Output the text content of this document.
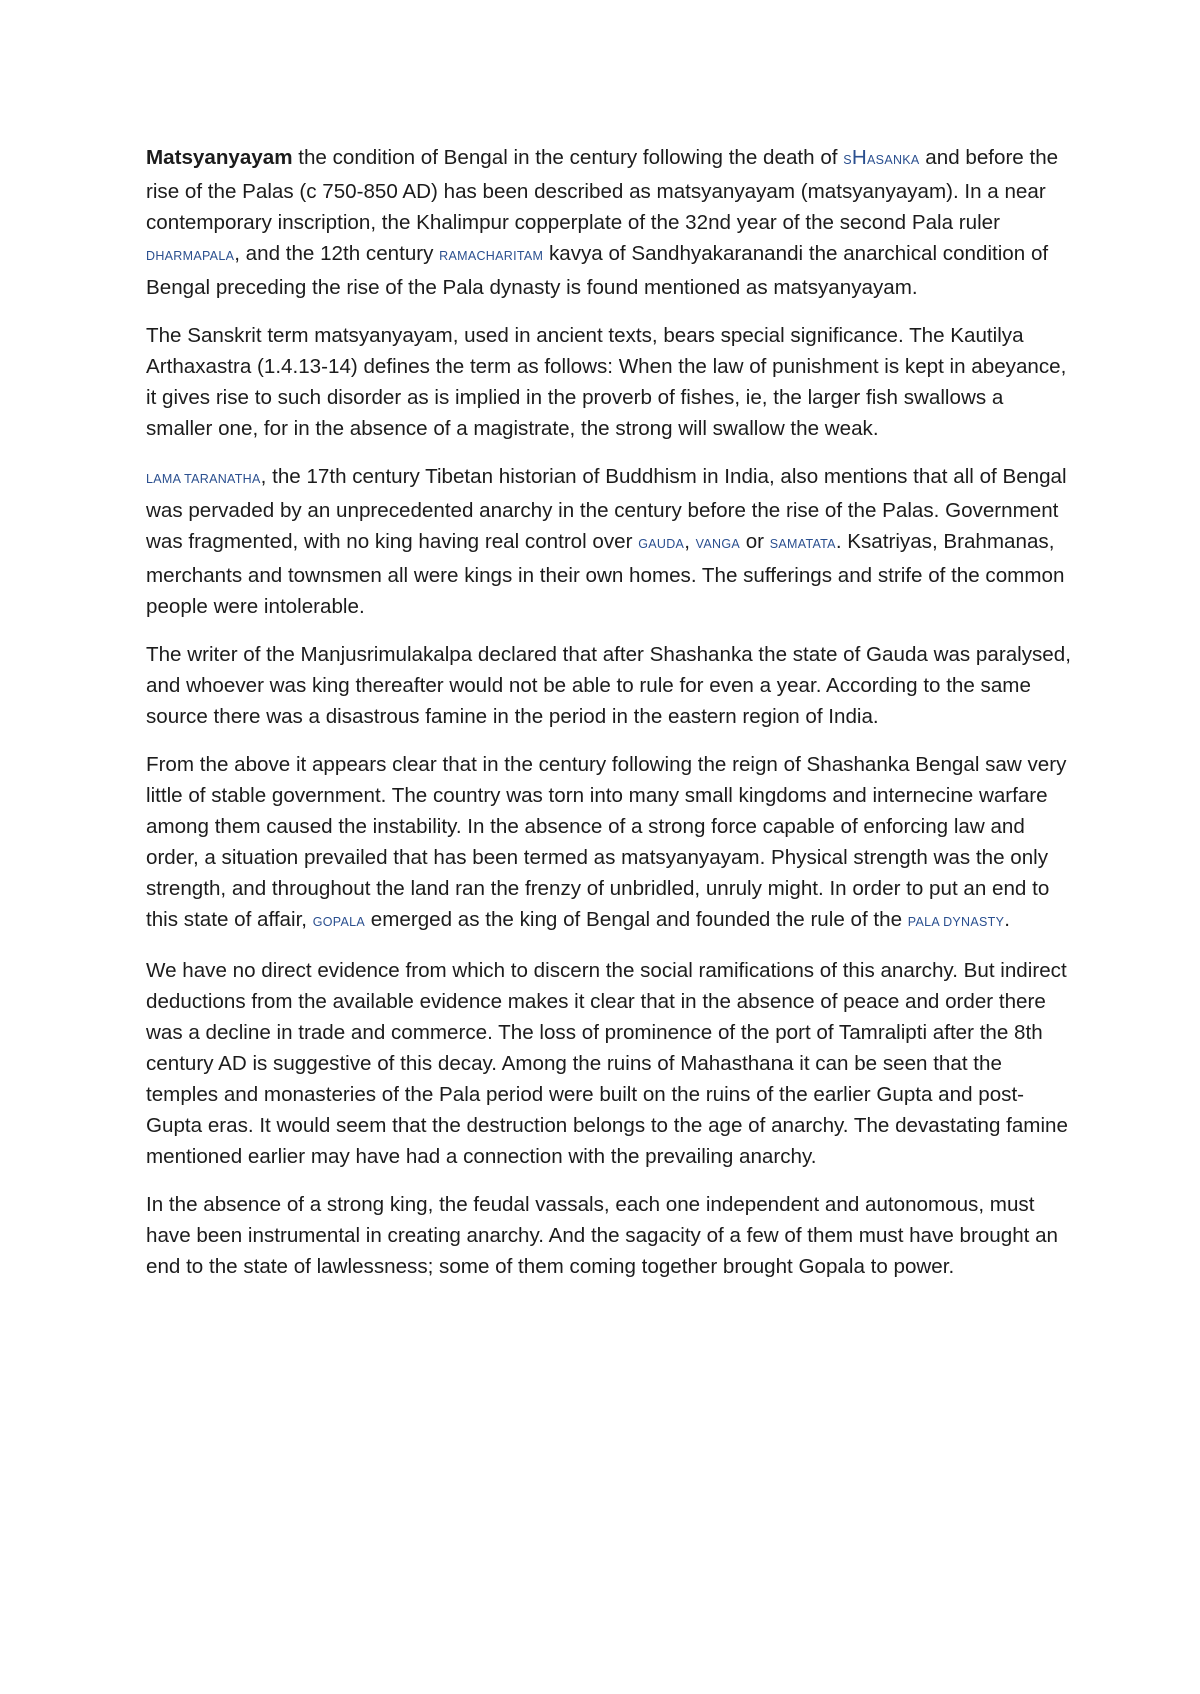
Matsyanyayam the condition of Bengal in the century following the death of SHASANKA and before the rise of the Palas (c 750-850 AD) has been described as matsyanyayam (matsyanyayam). In a near contemporary inscription, the Khalimpur copperplate of the 32nd year of the second Pala ruler DHARMAPALA, and the 12th century RAMACHARITAM kavya of Sandhyakaranandi the anarchical condition of Bengal preceding the rise of the Pala dynasty is found mentioned as matsyanyayam.

The Sanskrit term matsyanyayam, used in ancient texts, bears special significance. The Kautilya Arthaxastra (1.4.13-14) defines the term as follows: When the law of punishment is kept in abeyance, it gives rise to such disorder as is implied in the proverb of fishes, ie, the larger fish swallows a smaller one, for in the absence of a magistrate, the strong will swallow the weak.

LAMA TARANATHA, the 17th century Tibetan historian of Buddhism in India, also mentions that all of Bengal was pervaded by an unprecedented anarchy in the century before the rise of the Palas. Government was fragmented, with no king having real control over GAUDA, VANGA or SAMATATA. Ksatriyas, Brahmanas, merchants and townsmen all were kings in their own homes. The sufferings and strife of the common people were intolerable.

The writer of the Manjusrimulakalpa declared that after Shashanka the state of Gauda was paralysed, and whoever was king thereafter would not be able to rule for even a year. According to the same source there was a disastrous famine in the period in the eastern region of India.

From the above it appears clear that in the century following the reign of Shashanka Bengal saw very little of stable government. The country was torn into many small kingdoms and internecine warfare among them caused the instability. In the absence of a strong force capable of enforcing law and order, a situation prevailed that has been termed as matsyanyayam. Physical strength was the only strength, and throughout the land ran the frenzy of unbridled, unruly might. In order to put an end to this state of affair, GOPALA emerged as the king of Bengal and founded the rule of the PALA DYNASTY.

We have no direct evidence from which to discern the social ramifications of this anarchy. But indirect deductions from the available evidence makes it clear that in the absence of peace and order there was a decline in trade and commerce. The loss of prominence of the port of Tamralipti after the 8th century AD is suggestive of this decay. Among the ruins of Mahasthana it can be seen that the temples and monasteries of the Pala period were built on the ruins of the earlier Gupta and post-Gupta eras. It would seem that the destruction belongs to the age of anarchy. The devastating famine mentioned earlier may have had a connection with the prevailing anarchy.

In the absence of a strong king, the feudal vassals, each one independent and autonomous, must have been instrumental in creating anarchy. And the sagacity of a few of them must have brought an end to the state of lawlessness; some of them coming together brought Gopala to power.
